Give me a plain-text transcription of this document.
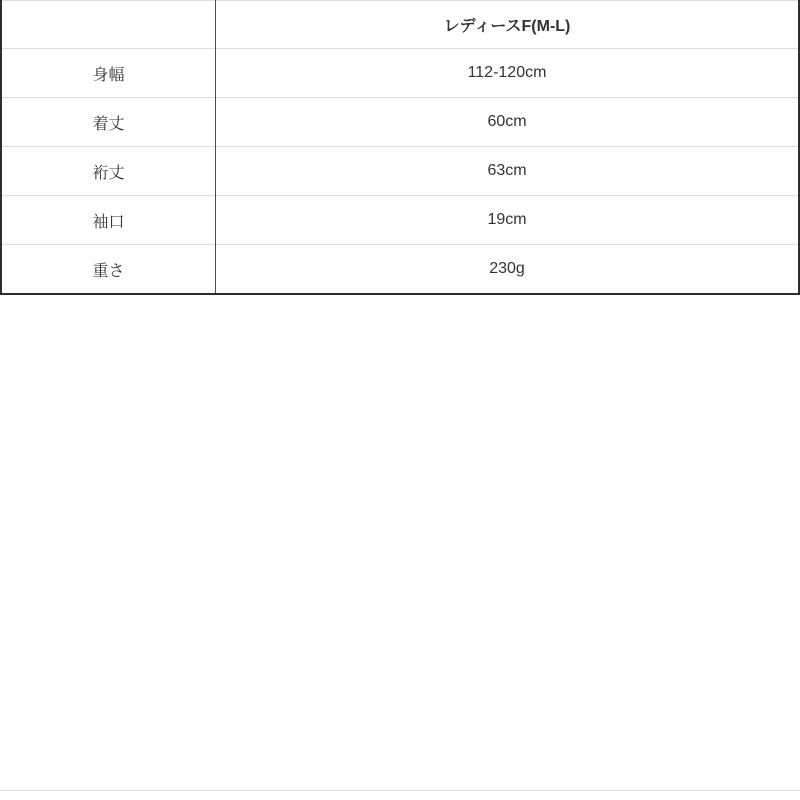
	レディースF(M-L)
身幅	112-120cm
着丈	60cm
裄丈	63cm
袖口	19cm
重さ	230g
